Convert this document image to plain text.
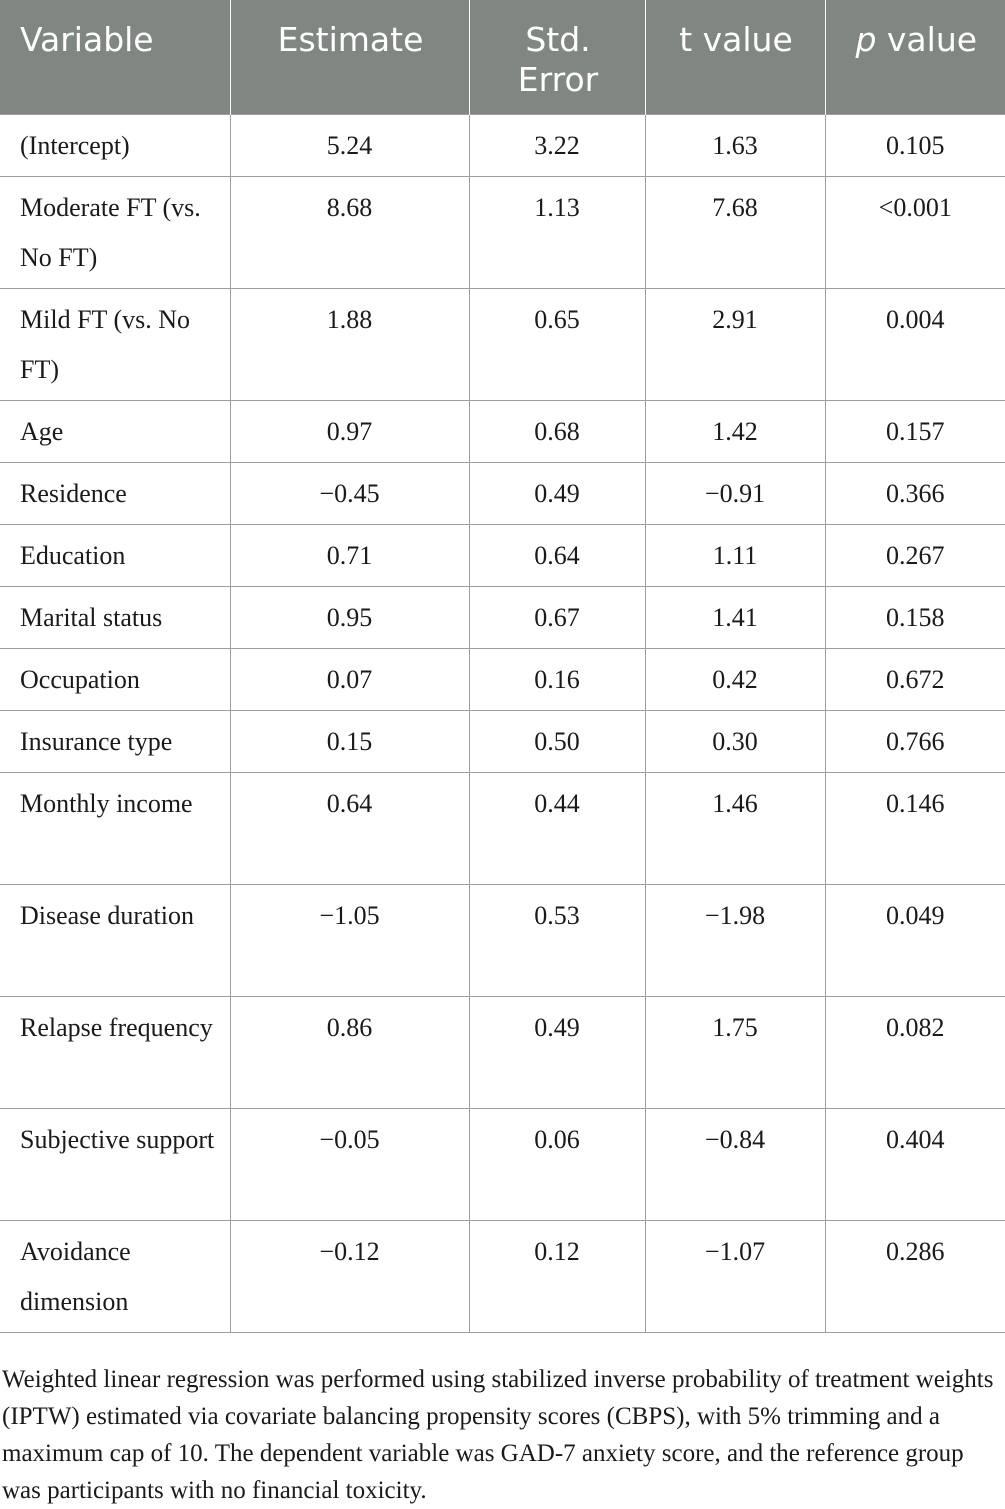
Variable	Estimate	Std. Error	t value	p value
(Intercept)	5.24	3.22	1.63	0.105
Moderate FT (vs. No FT)	8.68	1.13	7.68	<0.001
Mild FT (vs. No FT)	1.88	0.65	2.91	0.004
Age	0.97	0.68	1.42	0.157
Residence	−0.45	0.49	−0.91	0.366
Education	0.71	0.64	1.11	0.267
Marital status	0.95	0.67	1.41	0.158
Occupation	0.07	0.16	0.42	0.672
Insurance type	0.15	0.50	0.30	0.766
Monthly income	0.64	0.44	1.46	0.146
Disease duration	−1.05	0.53	−1.98	0.049
Relapse frequency	0.86	0.49	1.75	0.082
Subjective support	−0.05	0.06	−0.84	0.404
Avoidance dimension	−0.12	0.12	−1.07	0.286

Weighted linear regression was performed using stabilized inverse probability of treatment weights (IPTW) estimated via covariate balancing propensity scores (CBPS), with 5% trimming and a maximum cap of 10. The dependent variable was GAD-7 anxiety score, and the reference group was participants with no financial toxicity.
